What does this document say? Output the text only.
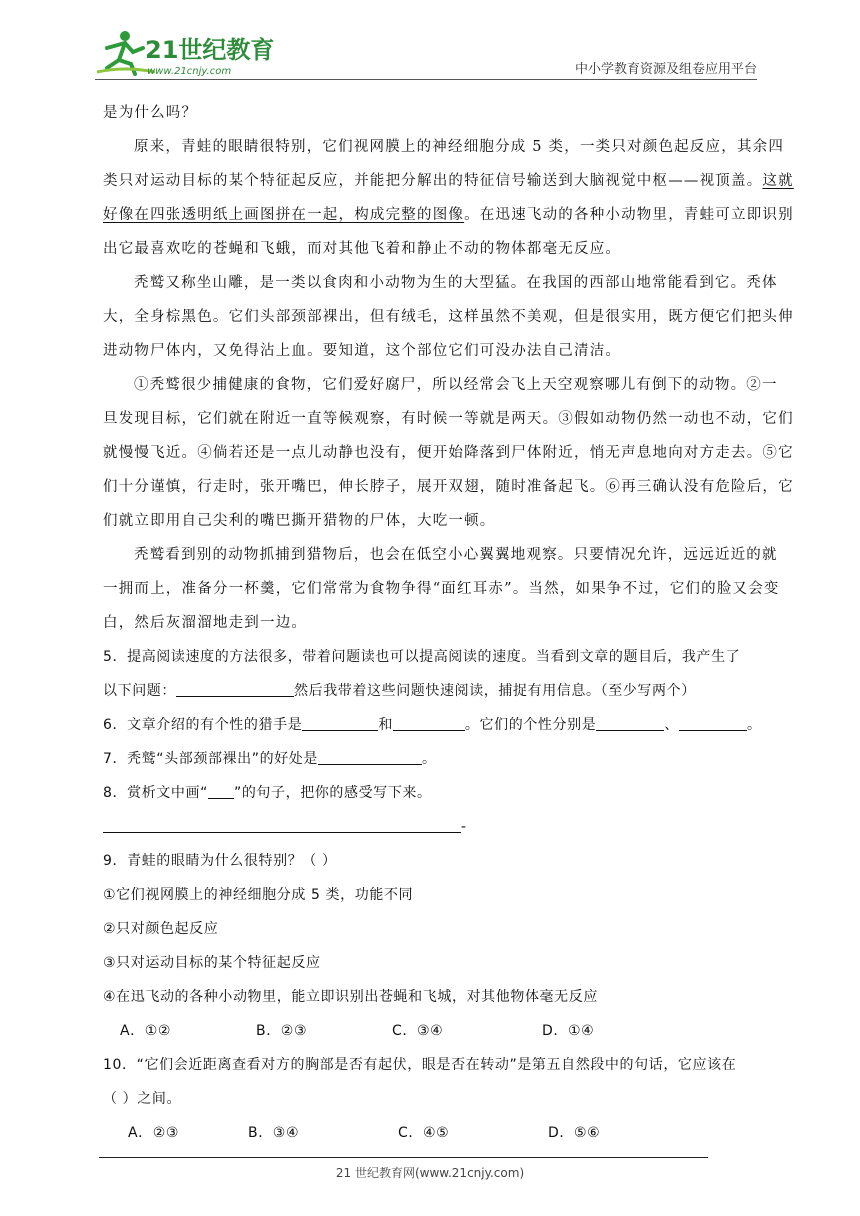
21世纪教育
www.21cnjy.com	中小学教育资源及组卷应用平台

是为什么吗？

原来，青蛙的眼睛很特别，它们视网膜上的神经细胞分成 5 类，一类只对颜色起反应，其余四

类只对运动目标的某个特征起反应，并能把分解出的特征信号输送到大脑视觉中枢——视顶盖。这就

好像在四张透明纸上画图拼在一起，构成完整的图像。在迅速飞动的各种小动物里，青蛙可立即识别

出它最喜欢吃的苍蝇和飞蛾，而对其他飞着和静止不动的物体都毫无反应。

秃鹫又称坐山雕，是一类以食肉和小动物为生的大型猛。在我国的西部山地常能看到它。秃体

大，全身棕黑色。它们头部颈部裸出，但有绒毛，这样虽然不美观，但是很实用，既方便它们把头伸

进动物尸体内，又免得沾上血。要知道，这个部位它们可没办法自己清洁。

①秃鹫很少捕健康的食物，它们爱好腐尸，所以经常会飞上天空观察哪儿有倒下的动物。②一

旦发现目标，它们就在附近一直等候观察，有时候一等就是两天。③假如动物仍然一动也不动，它们

就慢慢飞近。④倘若还是一点儿动静也没有，便开始降落到尸体附近，悄无声息地向对方走去。⑤它

们十分谨慎，行走时，张开嘴巴，伸长脖子，展开双翅，随时准备起飞。⑥再三确认没有危险后，它

们就立即用自己尖利的嘴巴撕开猎物的尸体，大吃一顿。

秃鹫看到别的动物抓捕到猎物后，也会在低空小心翼翼地观察。只要情况允许，远远近近的就

一拥而上，准备分一杯羹，它们常常为食物争得“面红耳赤”。当然，如果争不过，它们的脸又会变

白，然后灰溜溜地走到一边。

5．提高阅读速度的方法很多，带着问题读也可以提高阅读的速度。当看到文章的题目后，我产生了

以下问题：	然后我带着这些问题快速阅读，捕捉有用信息。（至少写两个）

6．文章介绍的有个性的猎手是	和	。它们的个性分别是	、	。

7．秃鹫“头部颈部裸出”的好处是	。

8．赏析文中画“ ”的句子，把你的感受写下来。

-

9．青蛙的眼睛为什么很特别？（ ）

①它们视网膜上的神经细胞分成 5 类，功能不同

②只对颜色起反应

③只对运动目标的某个特征起反应

④在迅飞动的各种小动物里，能立即识别出苍蝇和飞城，对其他物体毫无反应

A．①②	B．②③	C．③④	D．①④

10．“它们会近距离查看对方的胸部是否有起伏，眼是否在转动”是第五自然段中的句话，它应该在

（ ）之间。

A．②③	B．③④	C．④⑤	D．⑤⑥
21 世纪教育网(www.21cnjy.com)
